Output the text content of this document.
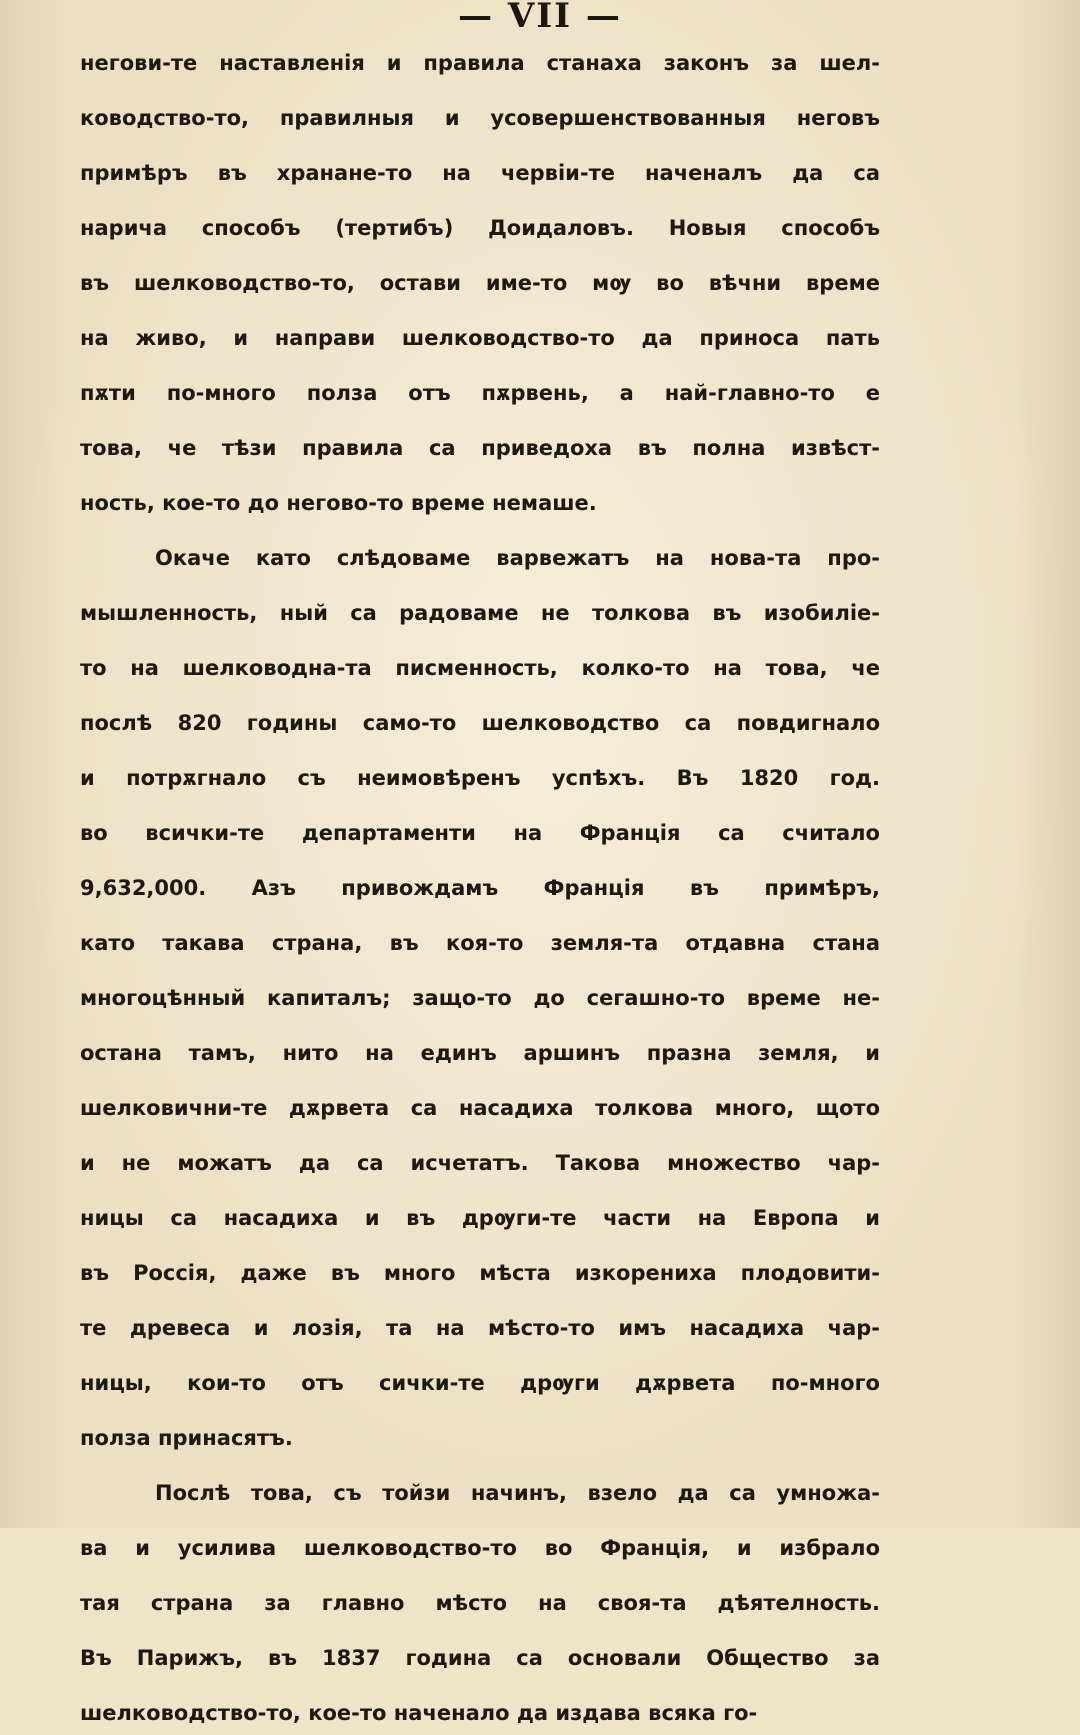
— VII —
негови-те наставленія и правила станаха законъ за шел-
ководство-то, правилныя и усовершенствованныя неговъ
примѣръ въ хранане-то на червіи-те наченалъ да са
нарича способъ (тертибъ) Доидаловъ. Новыя способъ
въ шелководство-то, остави име-то мѹ во вѣчни време
на живо, и направи шелководство-то да приноса пать
пѫти по-много полза отъ пѫрвень, а най-главно-то е
това, че тѣзи правила са приведоха въ полна извѣст-
ность, кое-то до негово-то време немаше.
Окаче като слѣдоваме варвежатъ на нова-та про-
мышленность, ный са радоваме не толкова въ изобиліе-
то на шелководна-та писменность, колко-то на това, че
послѣ 820 годины само-то шелководство са повдигнало
и потрѫгнало съ неимовѣренъ успѣхъ. Въ 1820 год.
во всички-те департаменти на Франція са считало
9,632,000. Азъ привождамъ Франція въ примѣръ,
като такава страна, въ коя-то земля-та отдавна стана
многоцѣнный капиталъ; защо-то до сегашно-то време не-
остана тамъ, нито на единъ аршинъ празна земля, и
шелковични-те дѫрвета са насадиха толкова много, щото
и не можатъ да са исчетатъ. Такова множество чар-
ницы са насадиха и въ дрѹги-те части на Европа и
въ Россія, даже въ много мѣста изкорениха плодовити-
те древеса и лозія, та на мѣсто-то имъ насадиха чар-
ницы, кои-то отъ сички-те дрѹги дѫрвета по-много
полза принасятъ.
Послѣ това, съ тойзи начинъ, взело да са умножа-
ва и усилива шелководство-то во Франція, и избрало
тая страна за главно мѣсто на своя-та дѣятелность.
Въ Парижъ, въ 1837 година са основали Общество за
шелководство-то, кое-то наченало да издава всяка го-
